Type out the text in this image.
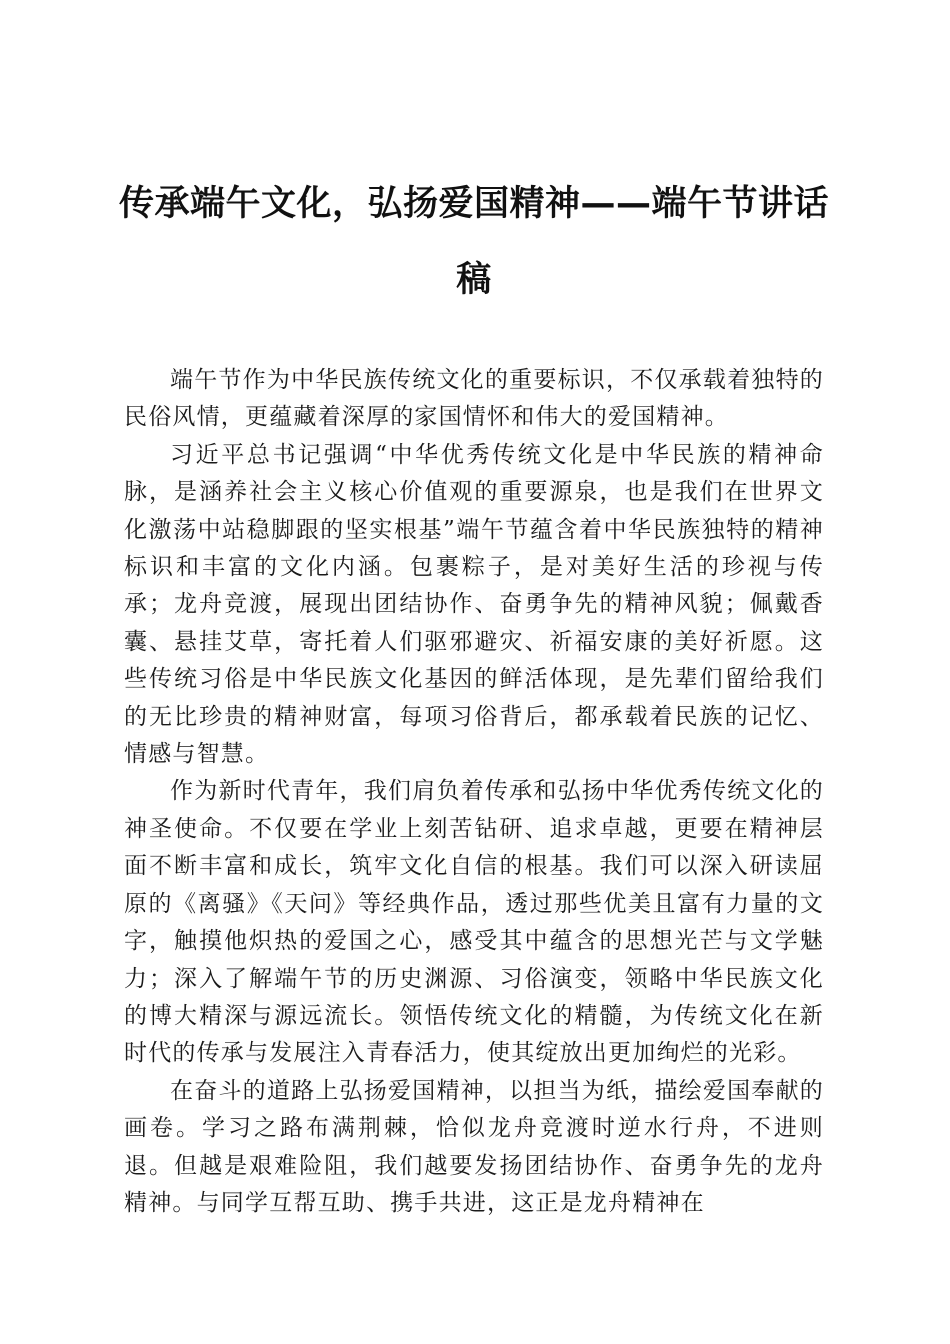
传承端午文化，弘扬爱国精神——端午节讲话稿

端午节作为中华民族传统文化的重要标识，不仅承载着独特的民俗风情，更蕴藏着深厚的家国情怀和伟大的爱国精神。

习近平总书记强调“中华优秀传统文化是中华民族的精神命脉，是涵养社会主义核心价值观的重要源泉，也是我们在世界文化激荡中站稳脚跟的坚实根基”端午节蕴含着中华民族独特的精神标识和丰富的文化内涵。包裹粽子，是对美好生活的珍视与传承；龙舟竞渡，展现出团结协作、奋勇争先的精神风貌；佩戴香囊、悬挂艾草，寄托着人们驱邪避灾、祈福安康的美好祈愿。这些传统习俗是中华民族文化基因的鲜活体现，是先辈们留给我们的无比珍贵的精神财富，每项习俗背后，都承载着民族的记忆、情感与智慧。

作为新时代青年，我们肩负着传承和弘扬中华优秀传统文化的神圣使命。不仅要在学业上刻苦钻研、追求卓越，更要在精神层面不断丰富和成长，筑牢文化自信的根基。我们可以深入研读屈原的《离骚》《天问》等经典作品，透过那些优美且富有力量的文字，触摸他炽热的爱国之心，感受其中蕴含的思想光芒与文学魅力；深入了解端午节的历史渊源、习俗演变，领略中华民族文化的博大精深与源远流长。领悟传统文化的精髓，为传统文化在新时代的传承与发展注入青春活力，使其绽放出更加绚烂的光彩。

在奋斗的道路上弘扬爱国精神，以担当为纸，描绘爱国奉献的画卷。学习之路布满荆棘，恰似龙舟竞渡时逆水行舟，不进则退。但越是艰难险阻，我们越要发扬团结协作、奋勇争先的龙舟精神。与同学互帮互助、携手共进，这正是龙舟精神在
